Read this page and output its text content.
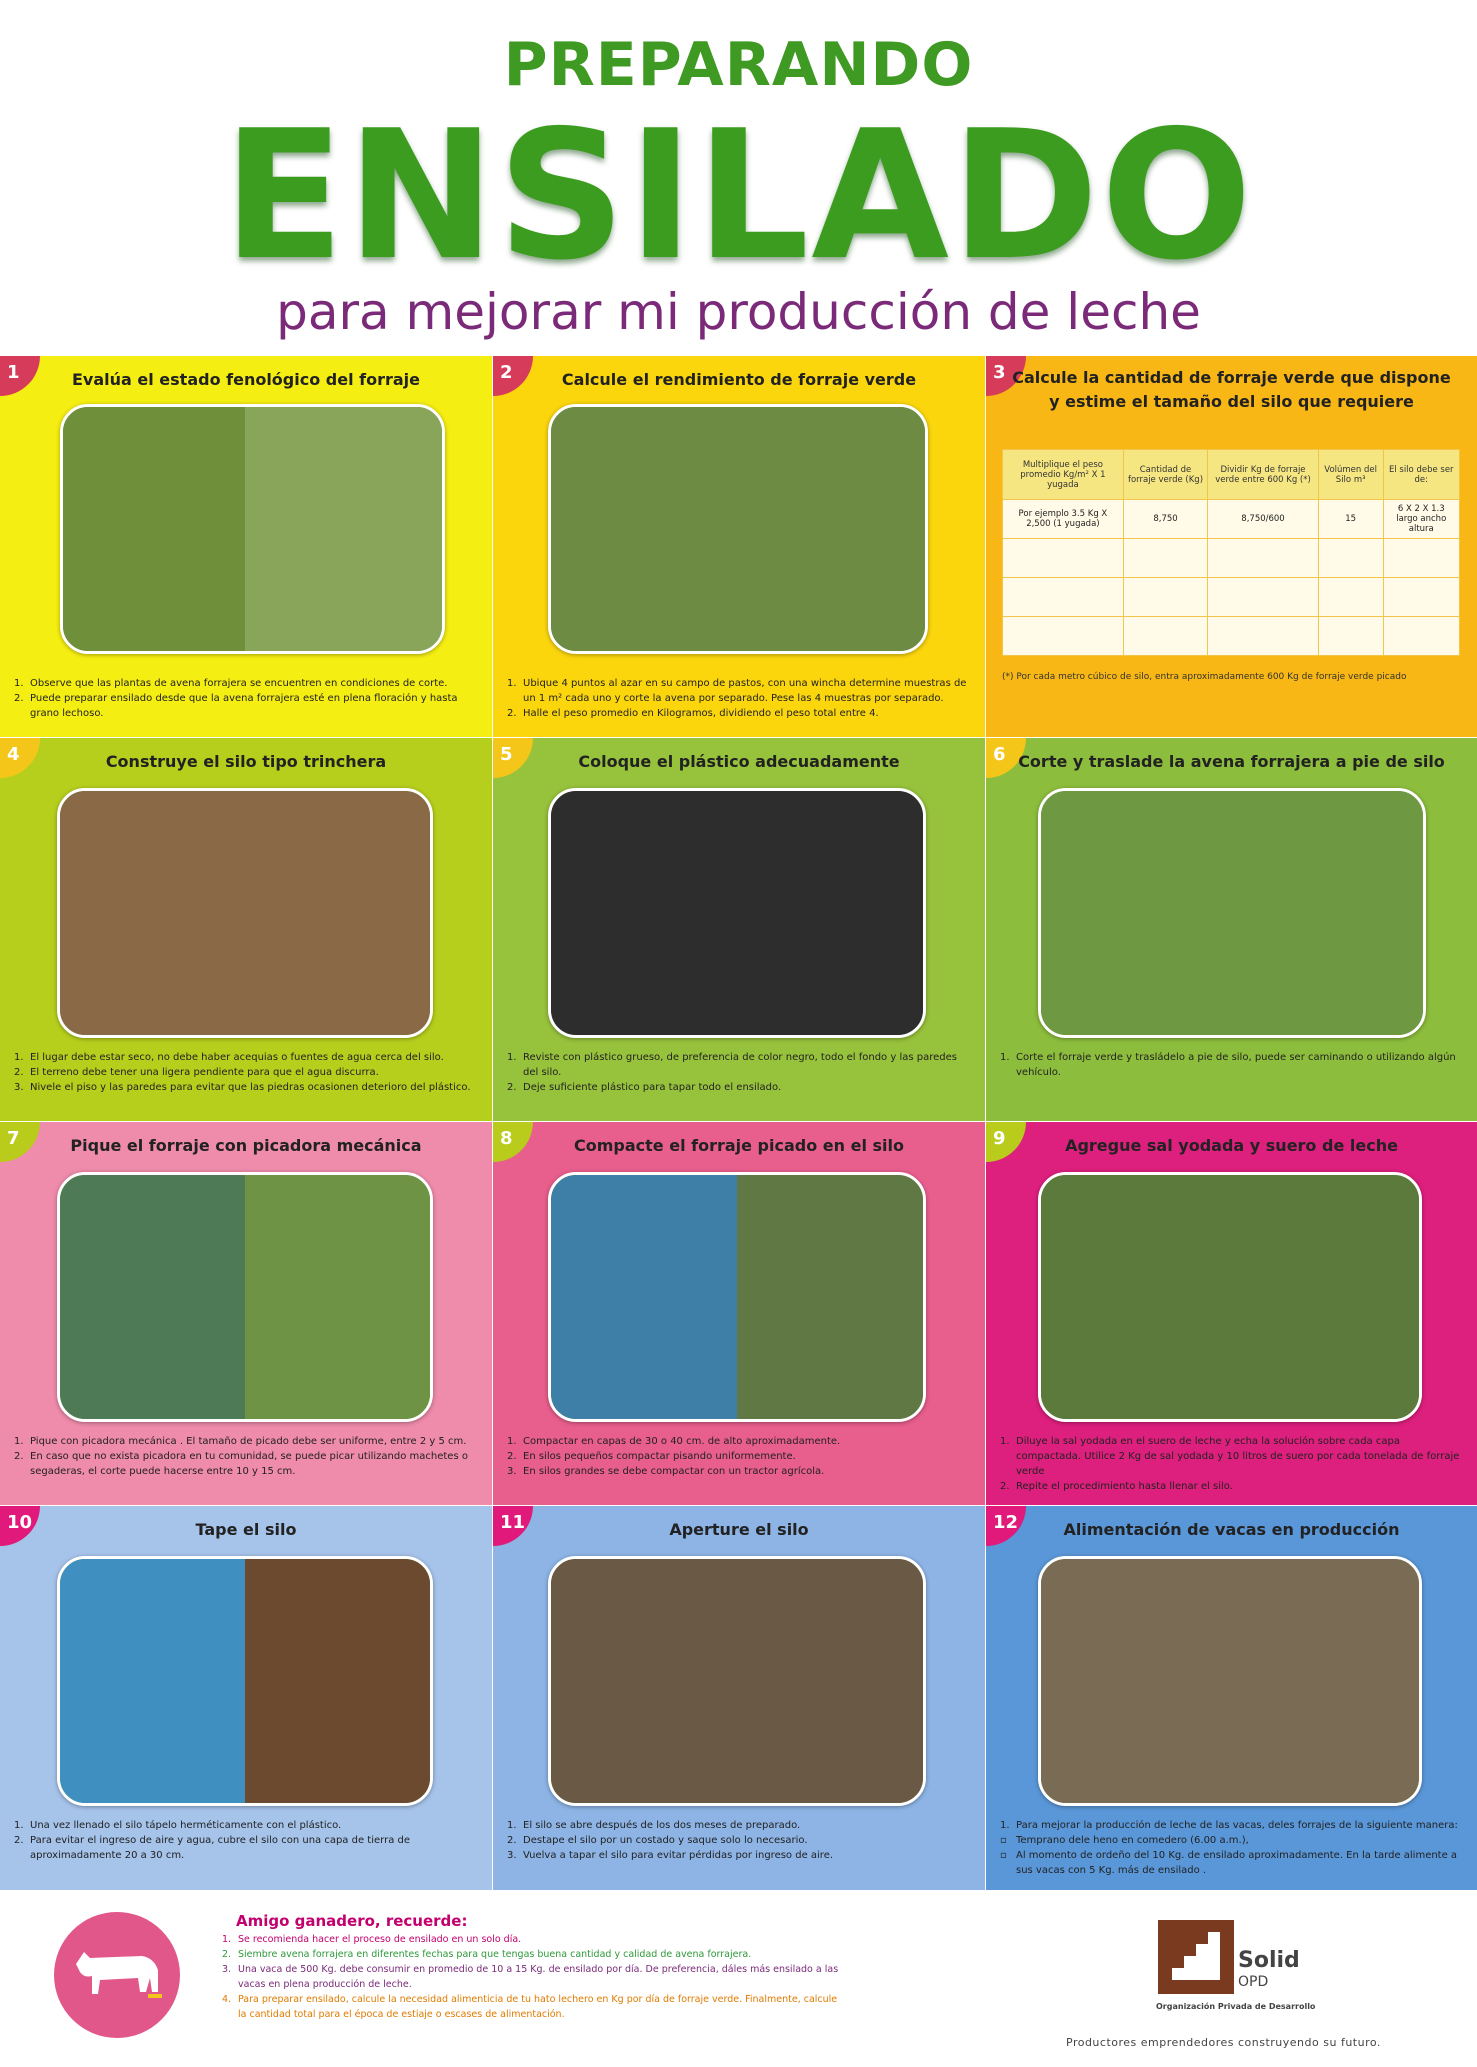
PREPARANDO
ENSILADO
para mejorar mi producción de leche
1	Evalúa el estado fenológico del forraje
1. Observe que las plantas de avena forrajera se encuentren en condiciones de corte.
2. Puede preparar ensilado desde que la avena forrajera esté en plena floración y hasta grano lechoso.
2	Calcule el rendimiento de forraje verde
1. Ubique 4 puntos al azar en su campo de pastos, con una wincha determine muestras de un 1 m² cada uno y corte la avena por separado. Pese las 4 muestras por separado.
2. Halle el peso promedio en Kilogramos, dividiendo el peso total entre 4.
3 Calcule la cantidad de forraje verde que dispone
y estime el tamaño del silo que requiere
4	Construye el silo tipo trinchera
1. El lugar debe estar seco, no debe haber acequias o fuentes de agua cerca del silo.
2. El terreno debe tener una ligera pendiente para que el agua discurra.
3. Nivele el piso y las paredes para evitar que las piedras ocasionen deterioro del plástico.
5	Coloque el plástico adecuadamente
1. Reviste con plástico grueso, de preferencia de color negro, todo el fondo y las paredes del silo.
2. Deje suficiente plástico para tapar todo el ensilado.
6 Corte y traslade la avena forrajera a pie de silo
1. Corte el forraje verde y trasládelo a pie de silo, puede ser caminando o utilizando algún vehículo.
7	Pique el forraje con picadora mecánica
1. Pique con picadora mecánica . El tamaño de picado debe ser uniforme, entre 2 y 5 cm.
2. En caso que no exista picadora en tu comunidad, se puede picar utilizando machetes o segaderas, el corte puede hacerse entre 10 y 15 cm.
8	Compacte el forraje picado en el silo
1. Compactar en capas de 30 o 40 cm. de alto aproximadamente.
2. En silos pequeños compactar pisando uniformemente.
3. En silos grandes se debe compactar con un tractor agrícola.
9	Agregue sal yodada y suero de leche
1. Diluye la sal yodada en el suero de leche y echa la solución sobre cada capa compactada. Utilice 2 Kg de sal yodada y 10 litros de suero por cada tonelada de forraje verde
2. Repite el procedimiento hasta llenar el silo.
10	Tape el silo
1. Una vez llenado el silo tápelo herméticamente con el plástico.
2. Para evitar el ingreso de aire y agua, cubre el silo con una capa de tierra de aproximadamente 20 a 30 cm.
11	Aperture el silo
1. El silo se abre después de los dos meses de preparado.
2. Destape el silo por un costado y saque solo lo necesario.
3. Vuelva a tapar el silo para evitar pérdidas por ingreso de aire.
12	Alimentación de vacas en producción
1. Para mejorar la producción de leche de las vacas, deles forrajes de la siguiente manera:
▫ Temprano dele heno en comedero (6.00 a.m.),
▫ Al momento de ordeño del 10 Kg. de ensilado aproximadamente. En la tarde alimente a sus vacas con 5 Kg. más de ensilado .
Multiplique el peso promedio Kg/m² X 1 yugada	Cantidad de forraje verde (Kg)	Dividir Kg de forraje verde entre 600 Kg (*)	Volúmen del Silo m³	El silo debe ser de:
Por ejemplo 3.5 Kg X 2,500 (1 yugada)	8,750	8,750/600	15	6 X 2 X 1.3 largo ancho altura

(*) Por cada metro cúbico de silo, entra aproximadamente 600 Kg de forraje verde picado
Amigo ganadero, recuerde:
1. Se recomienda hacer el proceso de ensilado en un solo día.
2. Siembre avena forrajera en diferentes fechas para que tengas buena cantidad y calidad de avena forrajera.
3. Una vaca de 500 Kg. debe consumir en promedio de 10 a 15 Kg. de ensilado por día. De preferencia, dáles más ensilado a las vacas en plena producción de leche.
4. Para preparar ensilado, calcule la necesidad alimenticia de tu hato lechero en Kg por día de forraje verde. Finalmente, calcule la cantidad total para el época de estiaje o escases de alimentación.
Solid
OPD
Organización Privada de Desarrollo
Productores emprendedores construyendo su futuro.
